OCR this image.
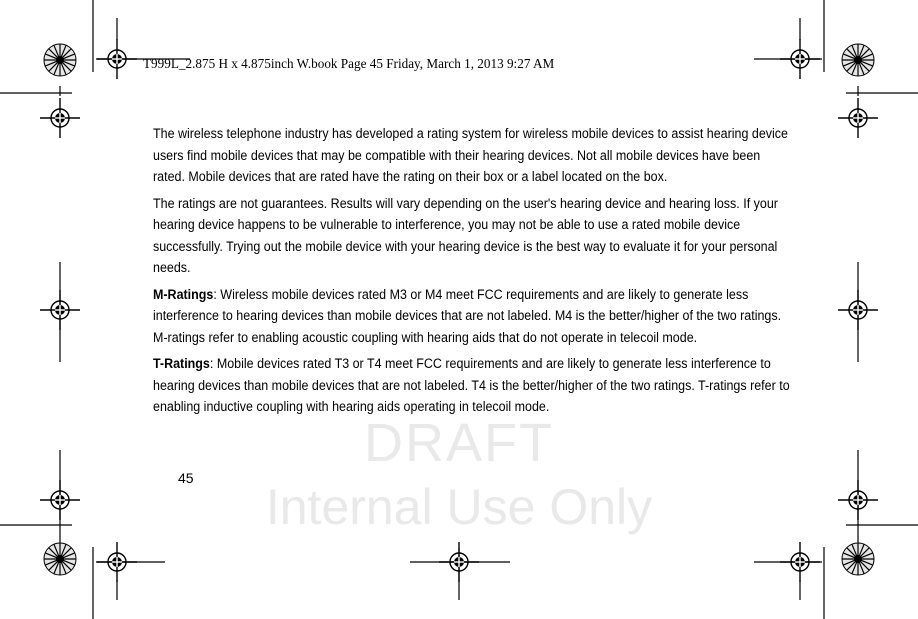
DRAFT
Internal Use Only
T999L_2.875 H x 4.875inch W.book Page 45 Friday, March 1, 2013 9:27 AM

The wireless telephone industry has developed a rating system for wireless mobile devices to assist hearing device users find mobile devices that may be compatible with their hearing devices. Not all mobile devices have been rated. Mobile devices that are rated have the rating on their box or a label located on the box.

The ratings are not guarantees. Results will vary depending on the user's hearing device and hearing loss. If your hearing device happens to be vulnerable to interference, you may not be able to use a rated mobile device successfully. Trying out the mobile device with your hearing device is the best way to evaluate it for your personal needs.

M-Ratings: Wireless mobile devices rated M3 or M4 meet FCC requirements and are likely to generate less interference to hearing devices than mobile devices that are not labeled. M4 is the better/higher of the two ratings. M-ratings refer to enabling acoustic coupling with hearing aids that do not operate in telecoil mode.

T-Ratings: Mobile devices rated T3 or T4 meet FCC requirements and are likely to generate less interference to hearing devices than mobile devices that are not labeled. T4 is the better/higher of the two ratings. T-ratings refer to enabling inductive coupling with hearing aids operating in telecoil mode.

45
